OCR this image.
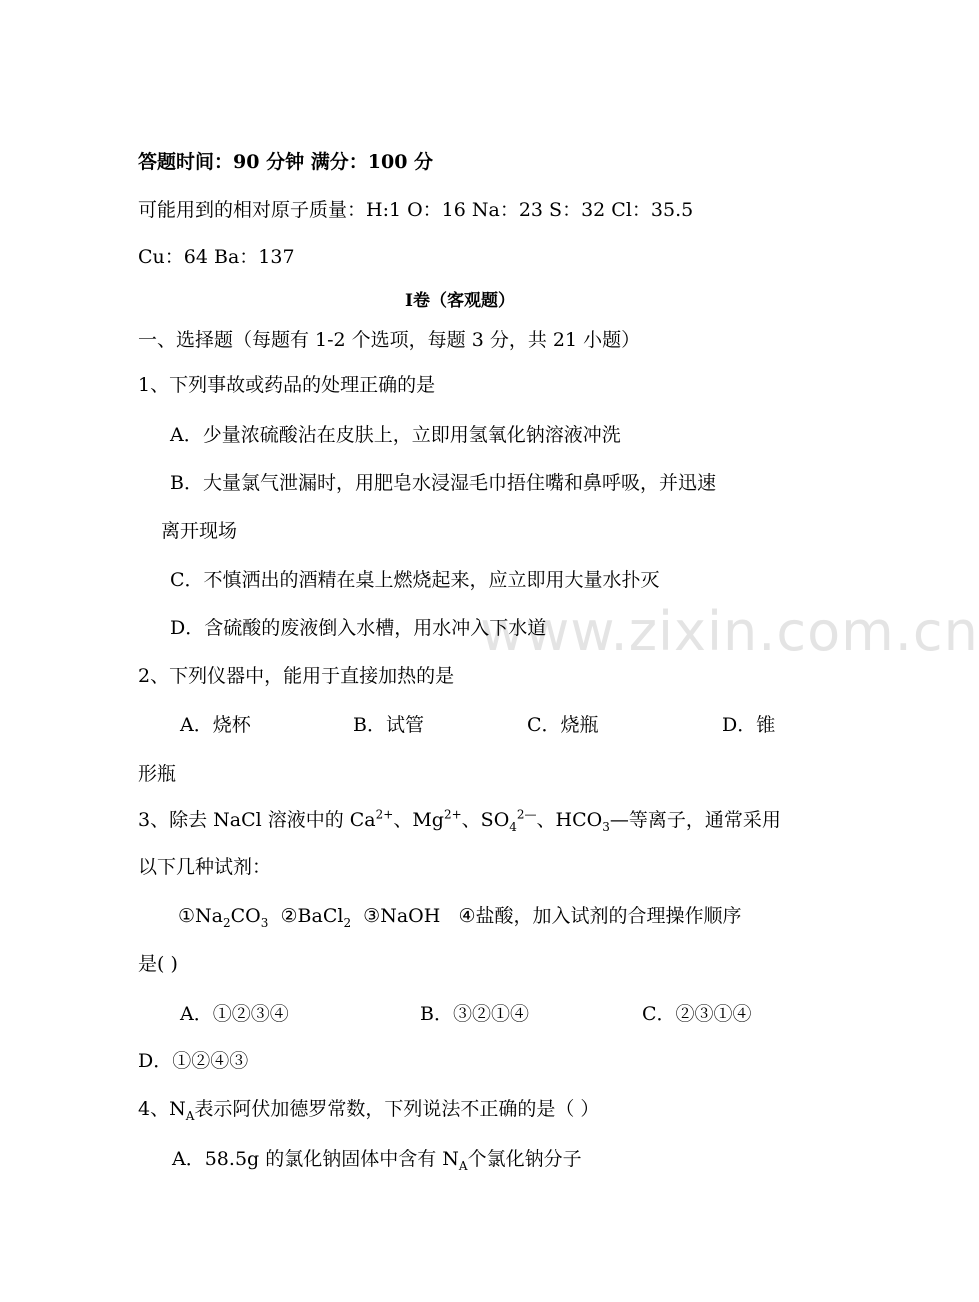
www.zixin.com.cn
答题时间：90 分钟 满分：100 分
可能用到的相对原子质量：H:1 O：16 Na：23 S：32 Cl：35.5
Cu：64 Ba：137
Ⅰ卷（客观题）
一、选择题（每题有 1-2 个选项，每题 3 分，共 21 小题）
1、下列事故或药品的处理正确的是
A．少量浓硫酸沾在皮肤上，立即用氢氧化钠溶液冲洗
B．大量氯气泄漏时，用肥皂水浸湿毛巾捂住嘴和鼻呼吸，并迅速
离开现场
C．不慎洒出的酒精在桌上燃烧起来，应立即用大量水扑灭
D．含硫酸的废液倒入水槽，用水冲入下水道
2、下列仪器中，能用于直接加热的是
A．烧杯	B．试管	C．烧瓶	D．锥
形瓶
3、除去 NaCl 溶液中的 $Ca^{2+}$、$Mg^{2+}$、$SO_4^{2—}$、$HCO_3—$等离子，通常采用
以下几种试剂：
$①Na_2CO_3$ ②BaCl$_2$ ③NaOH ④盐酸，加入试剂的合理操作顺序
是( )
A．①②③④	B．③②①④	C．②③①④
D．①②④③
4、$N_A$表示阿伏加德罗常数，下列说法不正确的是（ ）
A．58.5g 的氯化钠固体中含有 $N_A$个氯化钠分子
